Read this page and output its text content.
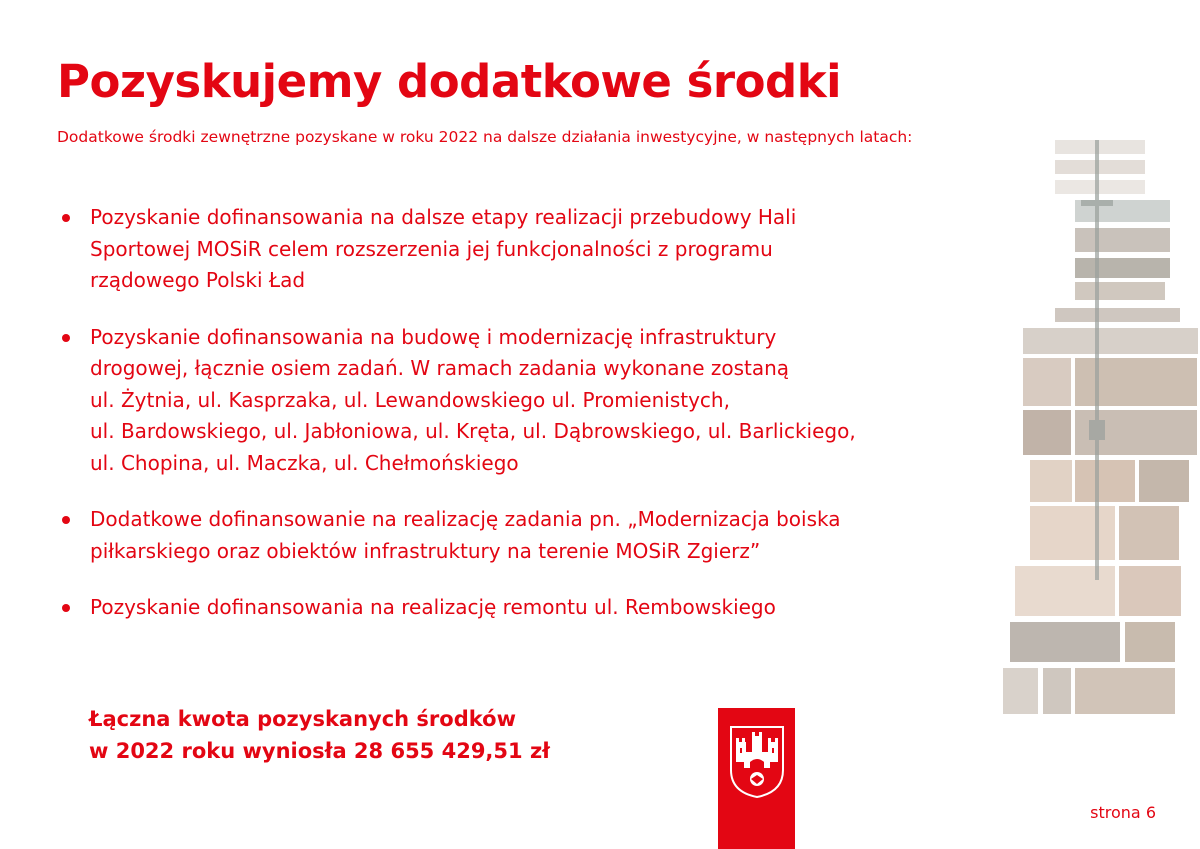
Pozyskujemy dodatkowe środki

Dodatkowe środki zewnętrzne pozyskane w roku 2022 na dalsze działania inwestycyjne, w następnych latach:

Pozyskanie dofinansowania na dalsze etapy realizacji przebudowy Hali
Sportowej MOSiR celem rozszerzenia jej funkcjonalności z programu
rządowego Polski Ład
Pozyskanie dofinansowania na budowę i modernizację infrastruktury
drogowej, łącznie osiem zadań. W ramach zadania wykonane zostaną
ul. Żytnia, ul. Kasprzaka, ul. Lewandowskiego ul. Promienistych,
ul. Bardowskiego, ul. Jabłoniowa, ul. Kręta, ul. Dąbrowskiego, ul. Barlickiego,
ul. Chopina, ul. Maczka, ul. Chełmońskiego
Dodatkowe dofinansowanie na realizację zadania pn. „Modernizacja boiska
piłkarskiego oraz obiektów infrastruktury na terenie MOSiR Zgierz”
Pozyskanie dofinansowania na realizację remontu ul. Rembowskiego

Łączna kwota pozyskanych środków
w 2022 roku wyniosła 28 655 429,51 zł

strona 6
